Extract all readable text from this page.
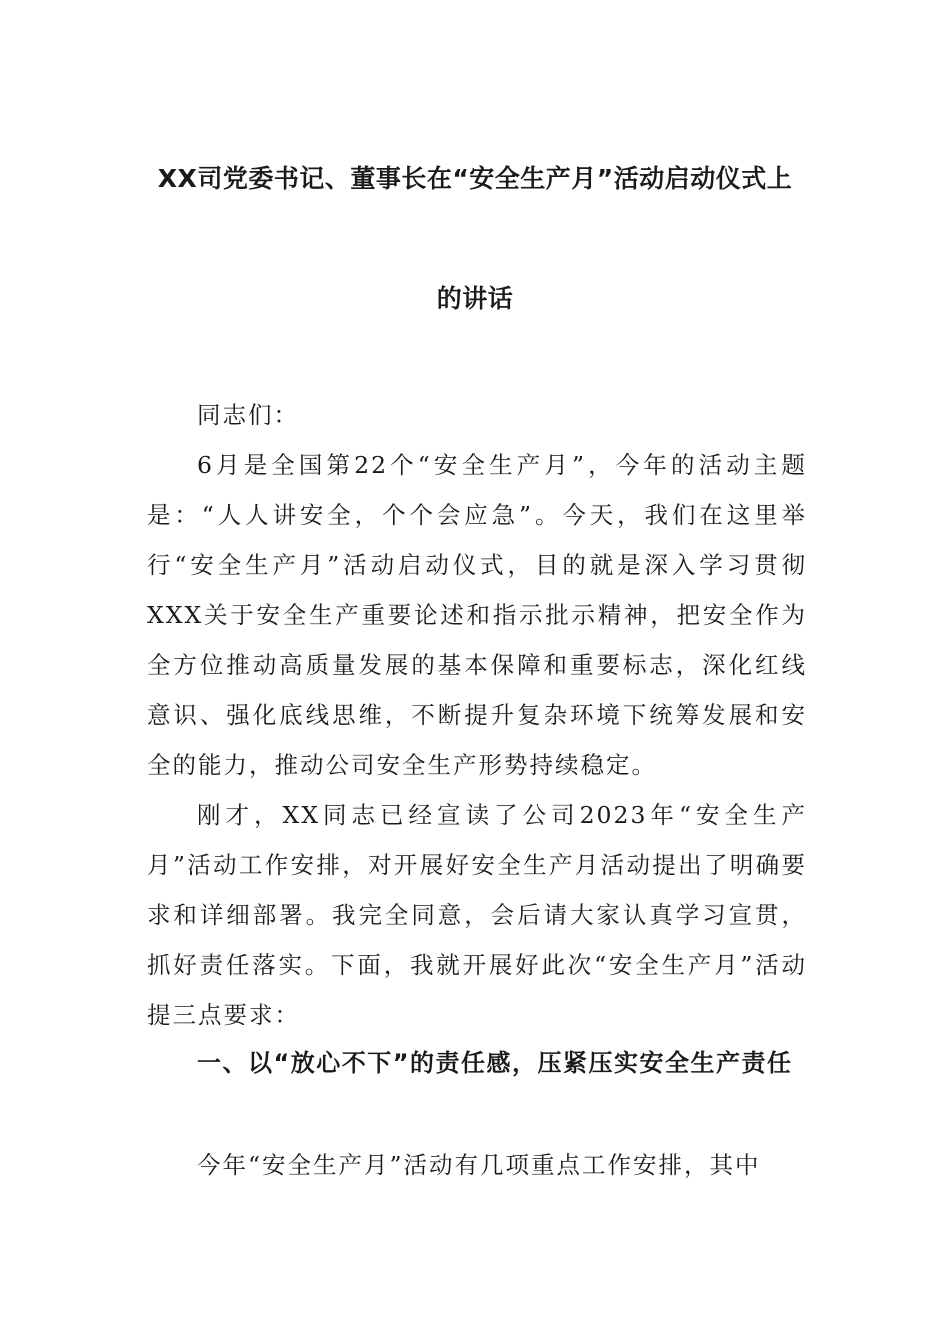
XX司党委书记、董事长在“安全生产月”活动启动仪式上
的讲话
同志们：
6月是全国第22个“安全生产月”，今年的活动主题是：“人人讲安全，个个会应急”。今天，我们在这里举行“安全生产月”活动启动仪式，目的就是深入学习贯彻XXX关于安全生产重要论述和指示批示精神，把安全作为全方位推动高质量发展的基本保障和重要标志，深化红线意识、强化底线思维，不断提升复杂环境下统筹发展和安全的能力，推动公司安全生产形势持续稳定。
刚才，XX同志已经宣读了公司2023年“安全生产月”活动工作安排，对开展好安全生产月活动提出了明确要求和详细部署。我完全同意，会后请大家认真学习宣贯，抓好责任落实。下面，我就开展好此次“安全生产月”活动提三点要求：
一、以“放心不下”的责任感，压紧压实安全生产责任
今年“安全生产月”活动有几项重点工作安排，其中
